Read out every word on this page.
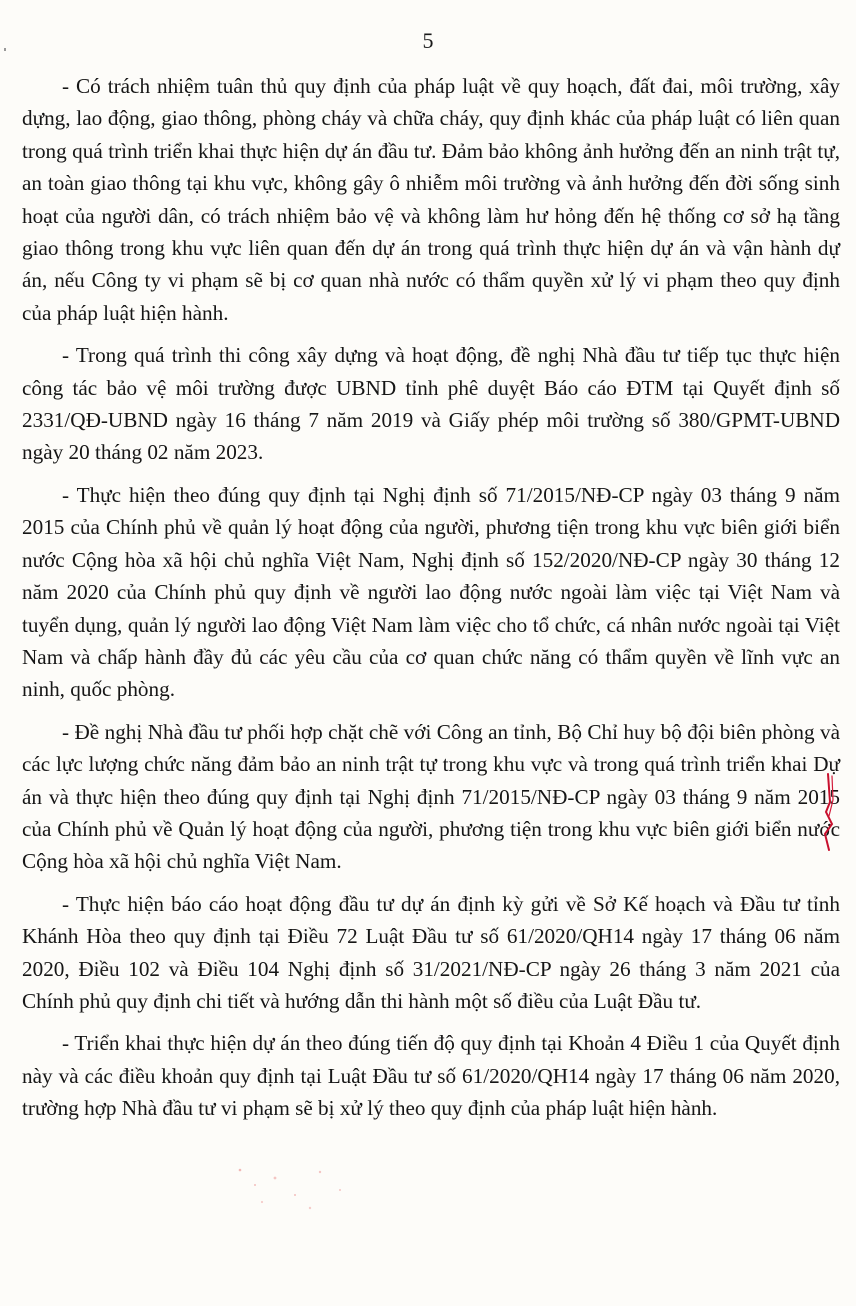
5

- Có trách nhiệm tuân thủ quy định của pháp luật về quy hoạch, đất đai, môi trường, xây dựng, lao động, giao thông, phòng cháy và chữa cháy, quy định khác của pháp luật có liên quan trong quá trình triển khai thực hiện dự án đầu tư. Đảm bảo không ảnh hưởng đến an ninh trật tự, an toàn giao thông tại khu vực, không gây ô nhiễm môi trường và ảnh hưởng đến đời sống sinh hoạt của người dân, có trách nhiệm bảo vệ và không làm hư hỏng đến hệ thống cơ sở hạ tầng giao thông trong khu vực liên quan đến dự án trong quá trình thực hiện dự án và vận hành dự án, nếu Công ty vi phạm sẽ bị cơ quan nhà nước có thẩm quyền xử lý vi phạm theo quy định của pháp luật hiện hành.

- Trong quá trình thi công xây dựng và hoạt động, đề nghị Nhà đầu tư tiếp tục thực hiện công tác bảo vệ môi trường được UBND tỉnh phê duyệt Báo cáo ĐTM tại Quyết định số 2331/QĐ-UBND ngày 16 tháng 7 năm 2019 và Giấy phép môi trường số 380/GPMT-UBND ngày 20 tháng 02 năm 2023.

- Thực hiện theo đúng quy định tại Nghị định số 71/2015/NĐ-CP ngày 03 tháng 9 năm 2015 của Chính phủ về quản lý hoạt động của người, phương tiện trong khu vực biên giới biển nước Cộng hòa xã hội chủ nghĩa Việt Nam, Nghị định số 152/2020/NĐ-CP ngày 30 tháng 12 năm 2020 của Chính phủ quy định về người lao động nước ngoài làm việc tại Việt Nam và tuyển dụng, quản lý người lao động Việt Nam làm việc cho tổ chức, cá nhân nước ngoài tại Việt Nam và chấp hành đầy đủ các yêu cầu của cơ quan chức năng có thẩm quyền về lĩnh vực an ninh, quốc phòng.

- Đề nghị Nhà đầu tư phối hợp chặt chẽ với Công an tỉnh, Bộ Chỉ huy bộ đội biên phòng và các lực lượng chức năng đảm bảo an ninh trật tự trong khu vực và trong quá trình triển khai Dự án và thực hiện theo đúng quy định tại Nghị định 71/2015/NĐ-CP ngày 03 tháng 9 năm 2015 của Chính phủ về Quản lý hoạt động của người, phương tiện trong khu vực biên giới biển nước Cộng hòa xã hội chủ nghĩa Việt Nam.

- Thực hiện báo cáo hoạt động đầu tư dự án định kỳ gửi về Sở Kế hoạch và Đầu tư tỉnh Khánh Hòa theo quy định tại Điều 72 Luật Đầu tư số 61/2020/QH14 ngày 17 tháng 06 năm 2020, Điều 102 và Điều 104 Nghị định số 31/2021/NĐ-CP ngày 26 tháng 3 năm 2021 của Chính phủ quy định chi tiết và hướng dẫn thi hành một số điều của Luật Đầu tư.

- Triển khai thực hiện dự án theo đúng tiến độ quy định tại Khoản 4 Điều 1 của Quyết định này và các điều khoản quy định tại Luật Đầu tư số 61/2020/QH14 ngày 17 tháng 06 năm 2020, trường hợp Nhà đầu tư vi phạm sẽ bị xử lý theo quy định của pháp luật hiện hành.
